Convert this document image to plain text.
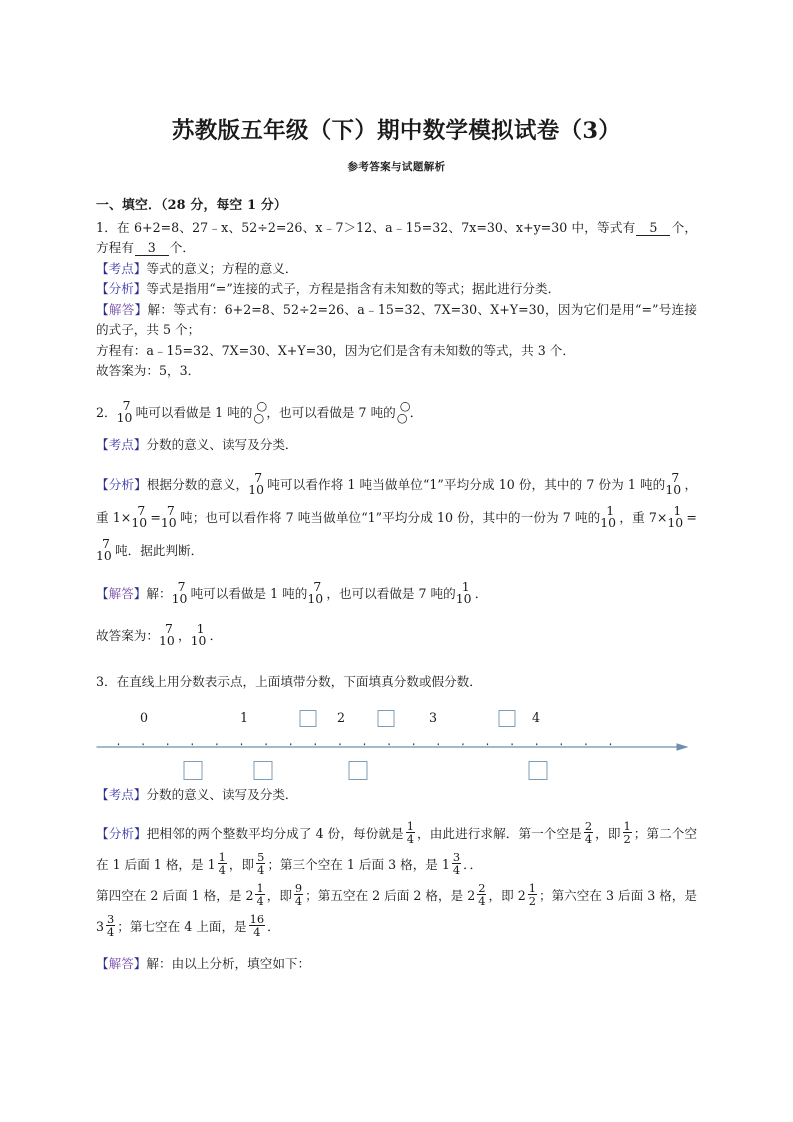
苏教版五年级（下）期中数学模拟试卷（3）
参考答案与试题解析
一、填空．（28 分，每空 1 分）

1．在 6+2=8、27﹣x、52÷2=26、x﹣7＞12、a﹣15=32、7x=30、x+y=30 中，等式有 5 个，方程有 3 个．

【考点】等式的意义；方程的意义．

【分析】等式是指用“=”连接的式子，方程是指含有未知数的等式；据此进行分类．

【解答】解：等式有：6+2=8、52÷2=26、a﹣15=32、7X=30、X+Y=30，因为它们是用“=”号连接的式子，共 5 个；

方程有：a﹣15=32、7X=30、X+Y=30，因为它们是含有未知数的等式，共 3 个．

故答案为：5，3．

2． 7
10 吨可以看做是 1 吨的 ○
○ ，也可以看做是 7 吨的 ○
○ ．

【考点】分数的意义、读写及分类．

【分析】根据分数的意义， 7
10 吨可以看作将 1 吨当做单位“1”平均分成 10 份，其中的 7 份为 1 吨的 7
10 ，重 1× 7
10 = 7
10 吨；也可以看作将 7 吨当做单位“1”平均分成 10 份，其中的一份为 7 吨的 1
10 ，重 7× 1
10 =
7
10 吨．据此判断．

【解答】解： 7
10 吨可以看做是 1 吨的 7
10 ，也可以看做是 7 吨的 1
10 ．

故答案为： 7
10 ， 1
10 ．

3．在直线上用分数表示点，上面填带分数，下面填真分数或假分数．

0	1	2	3	4

【考点】分数的意义、读写及分类．

【分析】把相邻的两个整数平均分成了 4 份，每份就是 $\frac{1}{4}$ ，由此进行求解．第一个空是 $\frac{2}{4}$ ，即 $\frac{1}{2}$ ；第二个空在 1 后面 1 格，是 $1 \frac{1}{4}$ ，即 $\frac{5}{4}$ ；第三个空在 1 后面 3 格，是 $1 \frac{3}{4}$ ．．

第四空在 2 后面 1 格，是 $2 \frac{1}{4}$ ，即 $\frac{9}{4}$ ；第五空在 2 后面 2 格，是 $2 \frac{2}{4}$ ，即 $2 \frac{1}{2}$ ；第六空在 3 后面 3 格，是 $3 \frac{3}{4}$ ；第七空在 4 上面，是 $\frac{16}{4}$ ．

【解答】解：由以上分析，填空如下：
